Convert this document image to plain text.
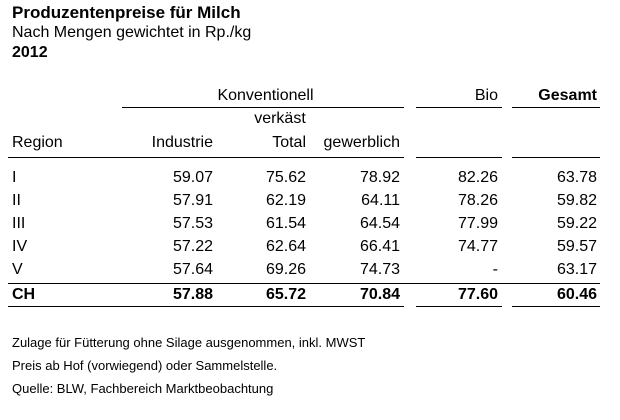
Produzentenpreise für Milch
Nach Mengen gewichtet in Rp./kg
2012
Konventionell	Bio	Gesamt
verkäst
Region	Industrie	Total	gewerblich
I	59.07	75.62	78.92	82.26	63.78
II	57.91	62.19	64.11	78.26	59.82
III	57.53	61.54	64.54	77.99	59.22
IV	57.22	62.64	66.41	74.77	59.57
V	57.64	69.26	74.73	-	63.17
CH	57.88	65.72	70.84	77.60	60.46
Zulage für Fütterung ohne Silage ausgenommen, inkl. MWST
Preis ab Hof (vorwiegend) oder Sammelstelle.
Quelle: BLW, Fachbereich Marktbeobachtung
